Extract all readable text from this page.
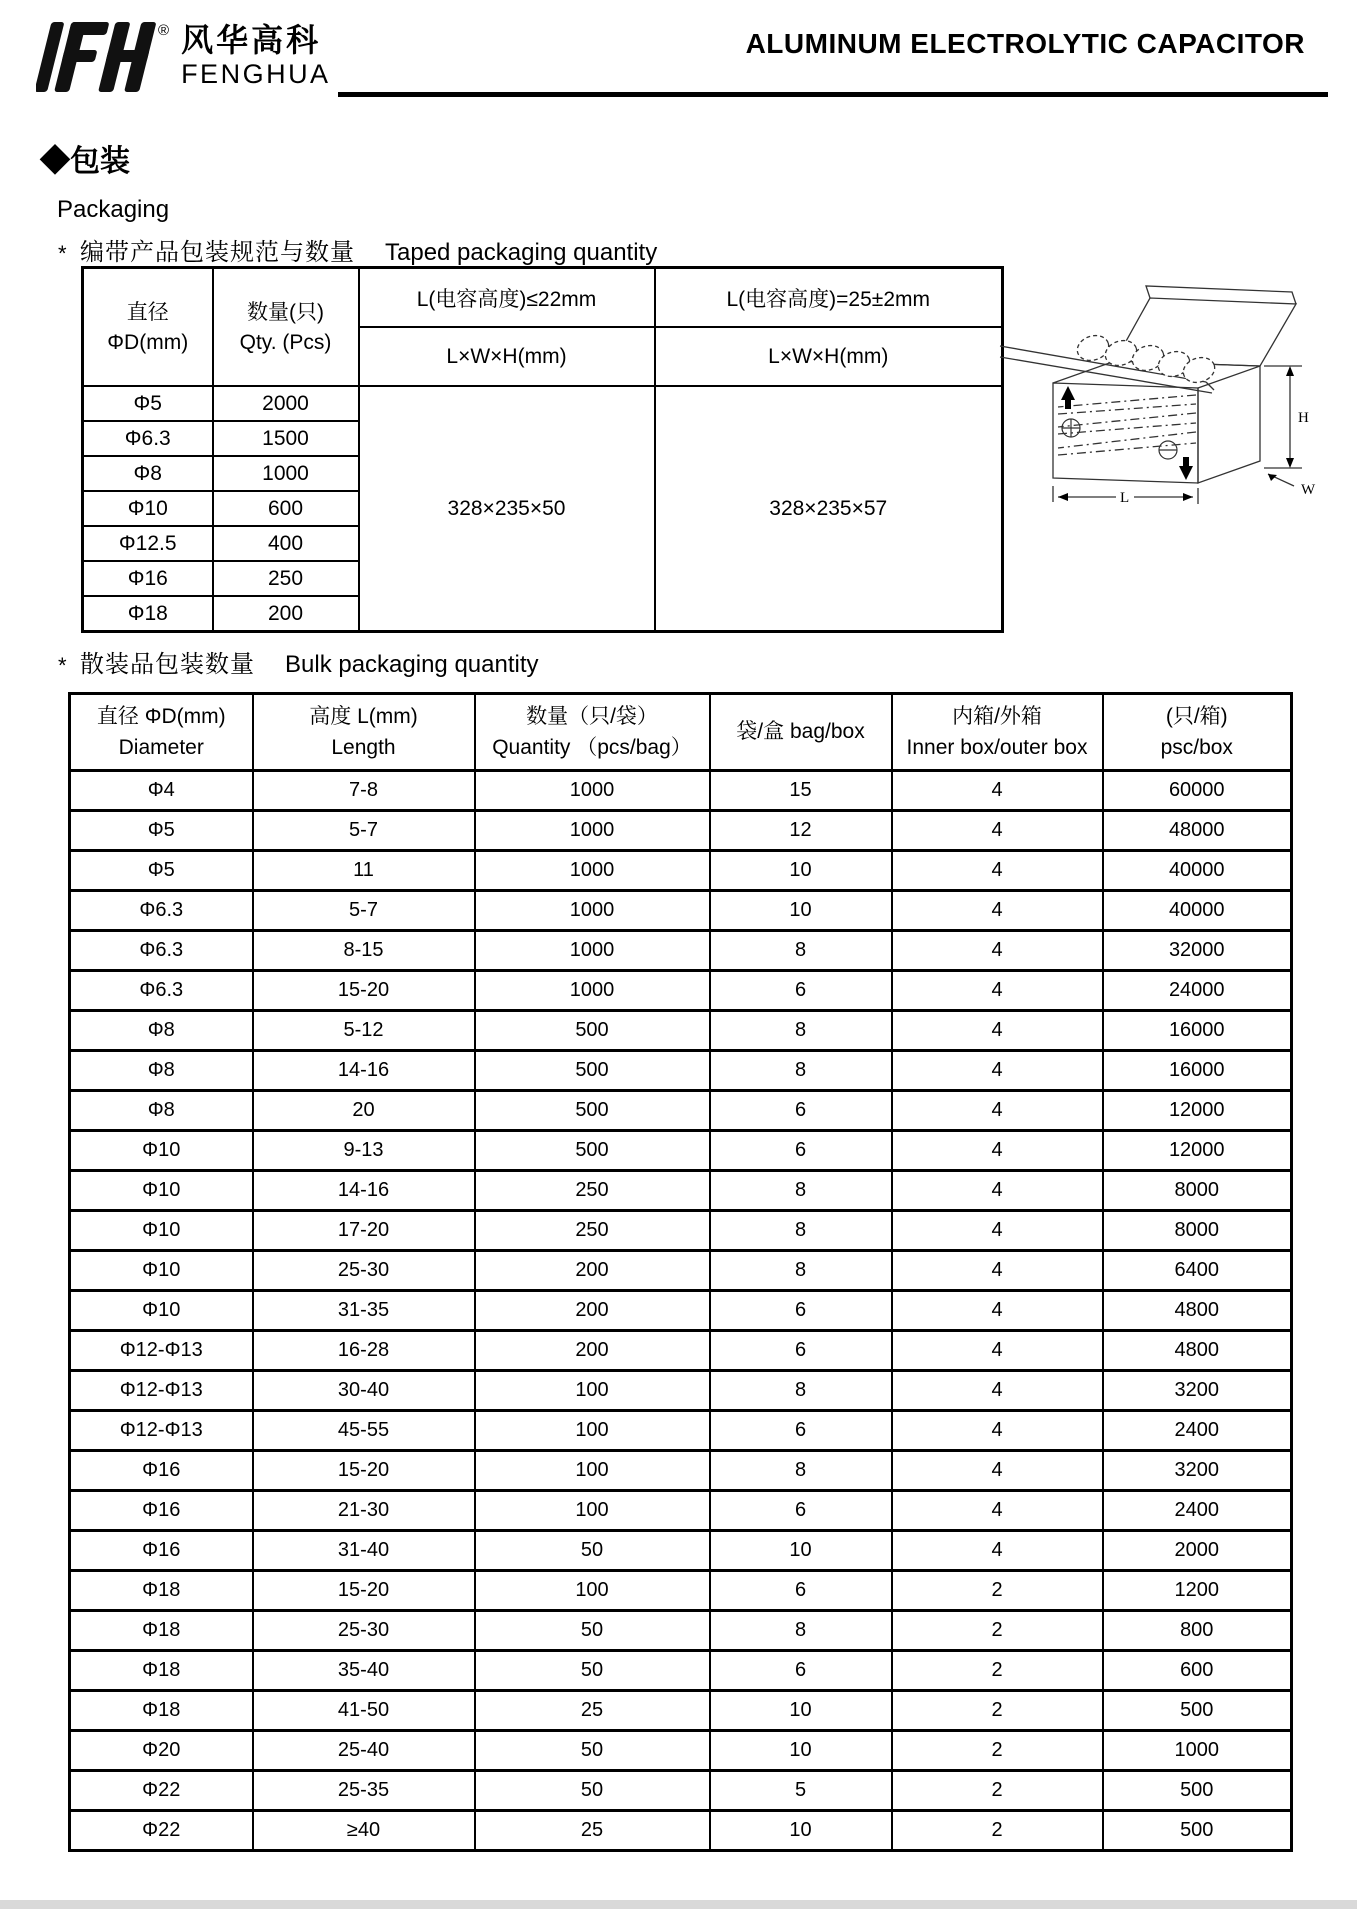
® 风华高科
FENGHUA
ALUMINUM ELECTROLYTIC CAPACITOR
◆包装
Packaging
* 编带产品包装规范与数量 Taped packaging quantity
直径
ΦD(mm)

数量(只)
Qty. (Pcs)
	L(电容高度)≤22mm	L(电容高度)=25±2mm
		L×W×H(mm)	L×W×H(mm)
Φ5	2000	328×235×50	328×235×57
Φ6.3	1500		
Φ8	1000		
Φ10	600		
Φ12.5	400		
Φ16	250		
Φ18	200		
H
W
L
* 散装品包装数量 Bulk packaging quantity
直径 ΦD(mm)
Diameter

高度 L(mm)
Length

数量（只/袋）
Quantity （pcs/bag）

袋/盒 bag/box

内箱/外箱
Inner box/outer box

(只/箱)
psc/box

Φ4	7-8	1000	15	4	60000
Φ5	5-7	1000	12	4	48000
Φ5	11	1000	10	4	40000
Φ6.3	5-7	1000	10	4	40000
Φ6.3	8-15	1000	8	4	32000
Φ6.3	15-20	1000	6	4	24000
Φ8	5-12	500	8	4	16000
Φ8	14-16	500	8	4	16000
Φ8	20	500	6	4	12000
Φ10	9-13	500	6	4	12000
Φ10	14-16	250	8	4	8000
Φ10	17-20	250	8	4	8000
Φ10	25-30	200	8	4	6400
Φ10	31-35	200	6	4	4800
Φ12-Φ13	16-28	200	6	4	4800
Φ12-Φ13	30-40	100	8	4	3200
Φ12-Φ13	45-55	100	6	4	2400
Φ16	15-20	100	8	4	3200
Φ16	21-30	100	6	4	2400
Φ16	31-40	50	10	4	2000
Φ18	15-20	100	6	2	1200
Φ18	25-30	50	8	2	800
Φ18	35-40	50	6	2	600
Φ18	41-50	25	10	2	500
Φ20	25-40	50	10	2	1000
Φ22	25-35	50	5	2	500
Φ22	≥40	25	10	2	500
